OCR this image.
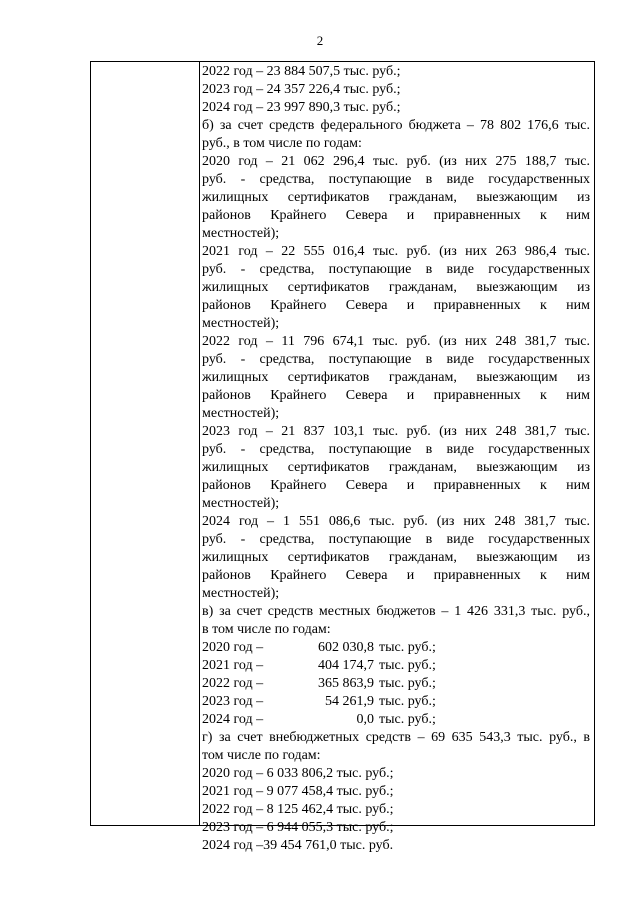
2
2022 год – 23 884 507,5 тыс. руб.;
2023 год – 24 357 226,4 тыс. руб.;
2024 год – 23 997 890,3 тыс. руб.;
б) за счет средств федерального бюджета – 78 802 176,6 тыс.
руб., в том числе по годам:
2020 год – 21 062 296,4 тыс. руб. (из них 275 188,7 тыс.
руб. - средства, поступающие в виде государственных
жилищных сертификатов гражданам, выезжающим из
районов Крайнего Севера и приравненных к ним
местностей);
2021 год – 22 555 016,4 тыс. руб. (из них 263 986,4 тыс.
руб. - средства, поступающие в виде государственных
жилищных сертификатов гражданам, выезжающим из
районов Крайнего Севера и приравненных к ним
местностей);
2022 год – 11 796 674,1 тыс. руб. (из них 248 381,7 тыс.
руб. - средства, поступающие в виде государственных
жилищных сертификатов гражданам, выезжающим из
районов Крайнего Севера и приравненных к ним
местностей);
2023 год – 21 837 103,1 тыс. руб. (из них 248 381,7 тыс.
руб. - средства, поступающие в виде государственных
жилищных сертификатов гражданам, выезжающим из
районов Крайнего Севера и приравненных к ним
местностей);
2024 год – 1 551 086,6 тыс. руб. (из них 248 381,7 тыс.
руб. - средства, поступающие в виде государственных
жилищных сертификатов гражданам, выезжающим из
районов Крайнего Севера и приравненных к ним
местностей);
в) за счет средств местных бюджетов – 1 426 331,3 тыс. руб.,
в том числе по годам:
2020 год –	602 030,8 тыс. руб.;
2021 год –	404 174,7 тыс. руб.;
2022 год –	365 863,9 тыс. руб.;
2023 год –	54 261,9 тыс. руб.;
2024 год –	0,0 тыс. руб.;
г) за счет внебюджетных средств – 69 635 543,3 тыс. руб., в
том числе по годам:
2020 год – 6 033 806,2 тыс. руб.;
2021 год – 9 077 458,4 тыс. руб.;
2022 год – 8 125 462,4 тыс. руб.;
2023 год – 6 944 055,3 тыс. руб.;
2024 год –39 454 761,0 тыс. руб.
